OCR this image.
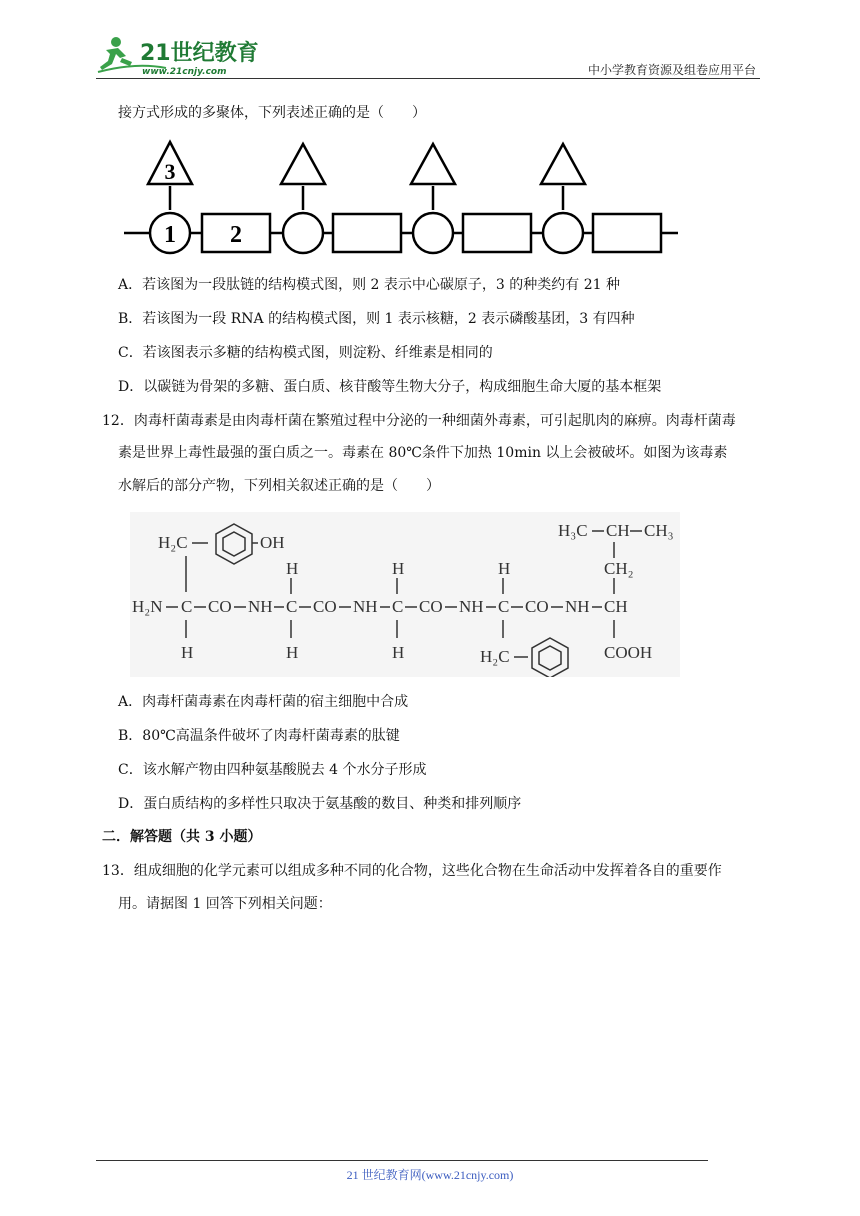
21世纪教育
www.21cnjy.com	中小学教育资源及组卷应用平台
接方式形成的多聚体，下列表述正确的是（　　）
3
1 2
A．若该图为一段肽链的结构模式图，则 2 表示中心碳原子，3 的种类约有 21 种
B．若该图为一段 RNA 的结构模式图，则 1 表示核糖，2 表示磷酸基团，3 有四种
C．若该图表示多糖的结构模式图，则淀粉、纤维素是相同的
D．以碳链为骨架的多糖、蛋白质、核苷酸等生物大分子，构成细胞生命大厦的基本框架
12．肉毒杆菌毒素是由肉毒杆菌在繁殖过程中分泌的一种细菌外毒素，可引起肌肉的麻痹。肉毒杆菌毒
素是世界上毒性最强的蛋白质之一。毒素在 80℃条件下加热 10min 以上会被破坏。如图为该毒素
水解后的部分产物，下列相关叙述正确的是（　　）
H₂C	OH
H₂N C CO NH
H
C
H
H
CO NH C
H
H
CO NH C
H
H₂C
CO NH CH
COOH
CH₂
H₃C CH CH₃
A．肉毒杆菌毒素在肉毒杆菌的宿主细胞中合成
B．80℃高温条件破坏了肉毒杆菌毒素的肽键
C．该水解产物由四种氨基酸脱去 4 个水分子形成
D．蛋白质结构的多样性只取决于氨基酸的数目、种类和排列顺序
二．解答题（共 3 小题）
13．组成细胞的化学元素可以组成多种不同的化合物，这些化合物在生命活动中发挥着各自的重要作
用。请据图 1 回答下列相关问题：
21 世纪教育网(www.21cnjy.com)
